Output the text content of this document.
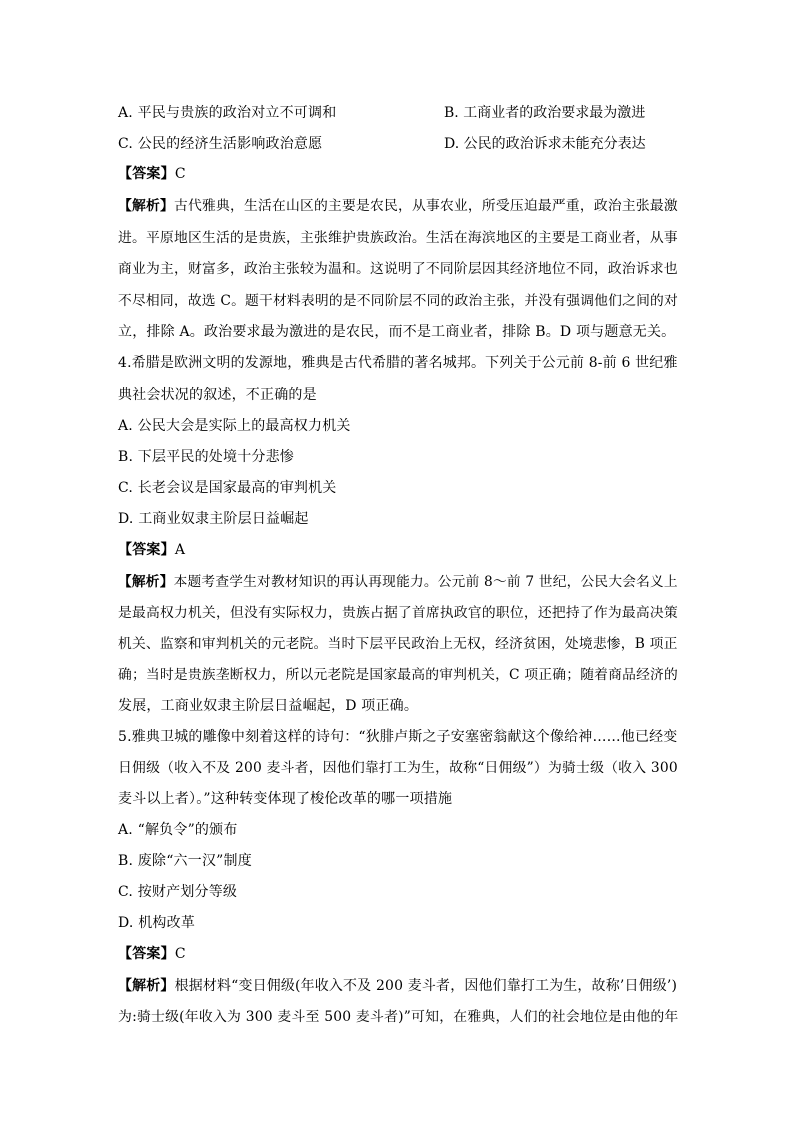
A. 平民与贵族的政治对立不可调和	B. 工商业者的政治要求最为激进
C. 公民的经济生活影响政治意愿	D. 公民的政治诉求未能充分表达
【答案】C
【解析】古代雅典，生活在山区的主要是农民，从事农业，所受压迫最严重，政治主张最激
进。平原地区生活的是贵族，主张维护贵族政治。生活在海滨地区的主要是工商业者，从事
商业为主，财富多，政治主张较为温和。这说明了不同阶层因其经济地位不同，政治诉求也
不尽相同，故选 C。题干材料表明的是不同阶层不同的政治主张，并没有强调他们之间的对
立，排除 A。政治要求最为激进的是农民，而不是工商业者，排除 B。D 项与题意无关。
4.希腊是欧洲文明的发源地，雅典是古代希腊的著名城邦。下列关于公元前 8-前 6 世纪雅
典社会状况的叙述，不正确的是
A. 公民大会是实际上的最高权力机关
B. 下层平民的处境十分悲惨
C. 长老会议是国家最高的审判机关
D. 工商业奴隶主阶层日益崛起
【答案】A
【解析】本题考查学生对教材知识的再认再现能力。公元前 8～前 7 世纪，公民大会名义上
是最高权力机关，但没有实际权力，贵族占据了首席执政官的职位，还把持了作为最高决策
机关、监察和审判机关的元老院。当时下层平民政治上无权，经济贫困，处境悲惨，B 项正
确；当时是贵族垄断权力，所以元老院是国家最高的审判机关，C 项正确；随着商品经济的
发展，工商业奴隶主阶层日益崛起，D 项正确。
5.雅典卫城的雕像中刻着这样的诗句：“狄腓卢斯之子安塞密翁献这个像给神……他已经变
日佣级（收入不及 200 麦斗者，因他们靠打工为生，故称“日佣级”）为骑士级（收入 300
麦斗以上者）。”这种转变体现了梭伦改革的哪一项措施
A. “解负令”的颁布
B. 废除“六一汉”制度
C. 按财产划分等级
D. 机构改革
【答案】C
【解析】根据材料“变日佣级(年收入不及 200 麦斗者，因他们靠打工为生，故称’日佣级’)
为:骑士级(年收入为 300 麦斗至 500 麦斗者)”可知，在雅典，人们的社会地位是由他的年
